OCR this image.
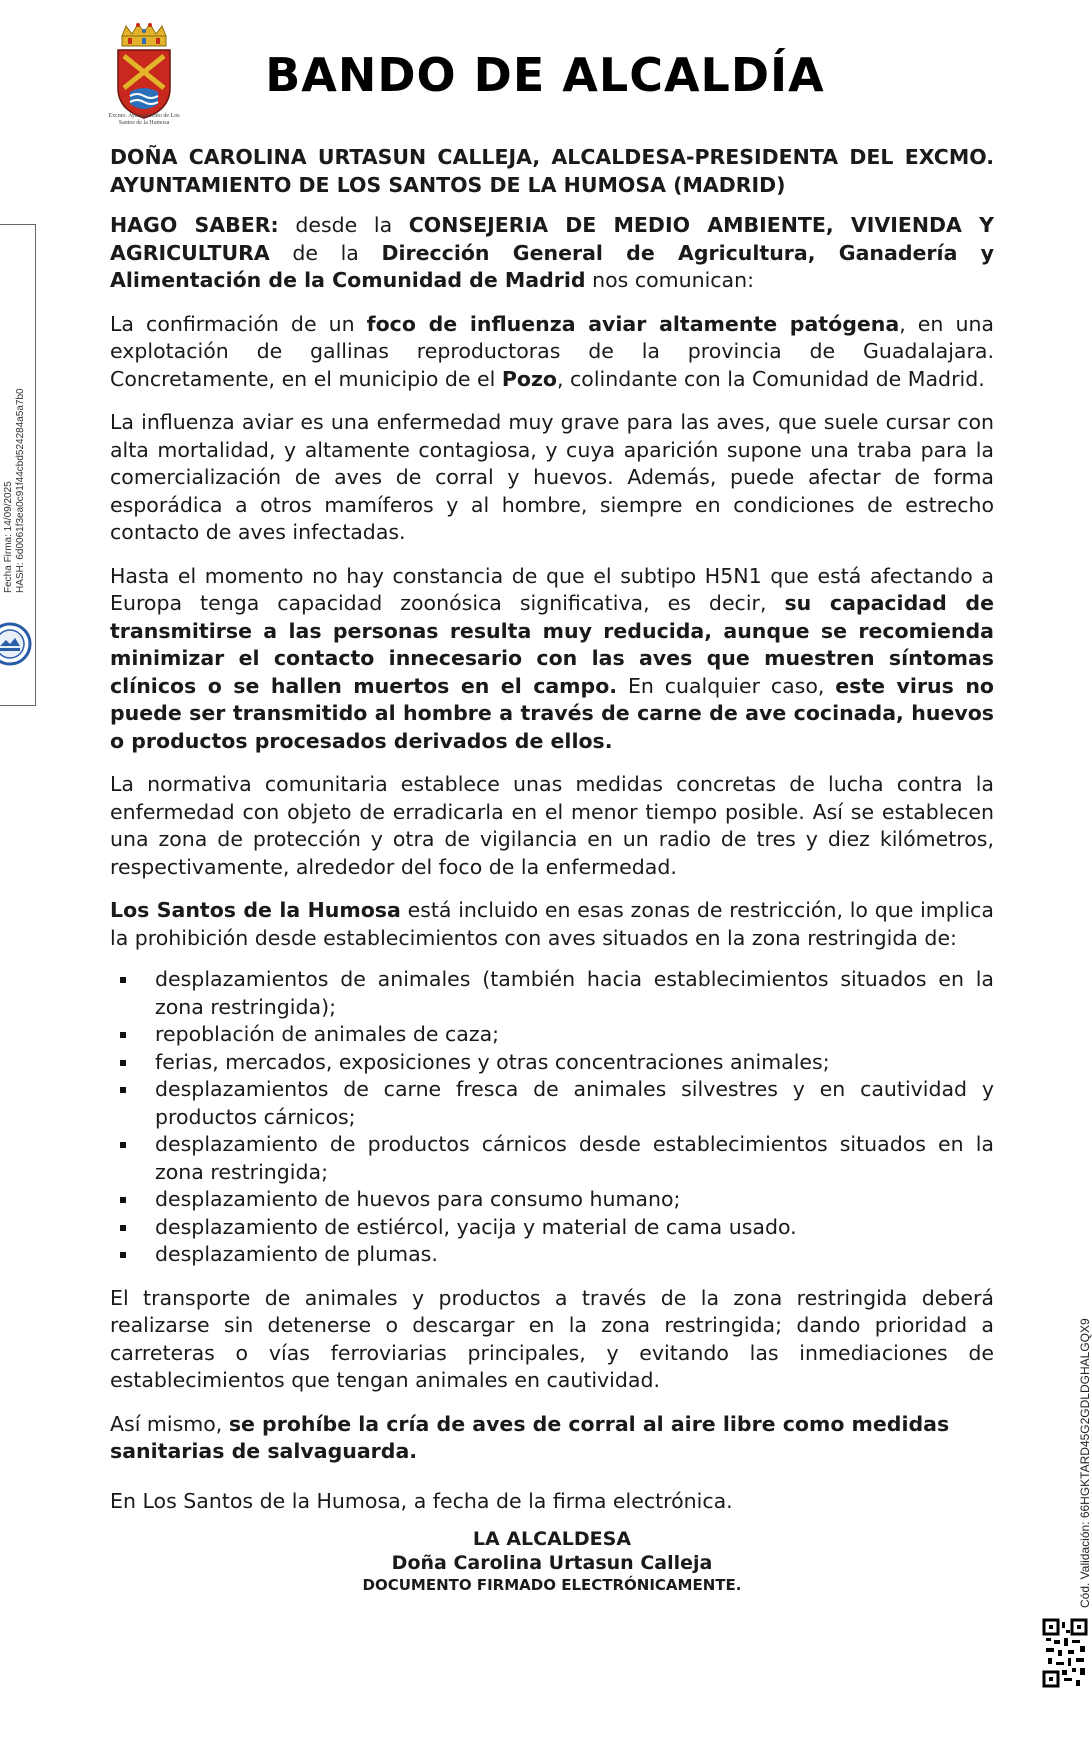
Fecha Firma: 14/09/2025 HASH: 6d0061f3ea0c91f44cbd524284a5a7b0
Cód. Validación: 66HGKTARD45G2GDLDGHALGQX9
Excmo. Ayuntamiento de Los Santos de la Humosa
BANDO DE ALCALDÍA

DOÑA CAROLINA URTASUN CALLEJA, ALCALDESA-PRESIDENTA DEL EXCMO. AYUNTAMIENTO DE LOS SANTOS DE LA HUMOSA (MADRID)

HAGO SABER: desde la CONSEJERIA DE MEDIO AMBIENTE, VIVIENDA Y AGRICULTURA de la Dirección General de Agricultura, Ganadería y Alimentación de la Comunidad de Madrid nos comunican:

La confirmación de un foco de influenza aviar altamente patógena, en una explotación de gallinas reproductoras de la provincia de Guadalajara. Concretamente, en el municipio de el Pozo, colindante con la Comunidad de Madrid.

La influenza aviar es una enfermedad muy grave para las aves, que suele cursar con alta mortalidad, y altamente contagiosa, y cuya aparición supone una traba para la comercialización de aves de corral y huevos. Además, puede afectar de forma esporádica a otros mamíferos y al hombre, siempre en condiciones de estrecho contacto de aves infectadas.

Hasta el momento no hay constancia de que el subtipo H5N1 que está afectando a Europa tenga capacidad zoonósica significativa, es decir, su capacidad de transmitirse a las personas resulta muy reducida, aunque se recomienda minimizar el contacto innecesario con las aves que muestren síntomas clínicos o se hallen muertos en el campo. En cualquier caso, este virus no puede ser transmitido al hombre a través de carne de ave cocinada, huevos o productos procesados derivados de ellos.

La normativa comunitaria establece unas medidas concretas de lucha contra la enfermedad con objeto de erradicarla en el menor tiempo posible. Así se establecen una zona de protección y otra de vigilancia en un radio de tres y diez kilómetros, respectivamente, alrededor del foco de la enfermedad.

Los Santos de la Humosa está incluido en esas zonas de restricción, lo que implica la prohibición desde establecimientos con aves situados en la zona restringida de:

desplazamientos de animales (también hacia establecimientos situados en la zona restringida);
repoblación de animales de caza;
ferias, mercados, exposiciones y otras concentraciones animales;
desplazamientos de carne fresca de animales silvestres y en cautividad y productos cárnicos;
desplazamiento de productos cárnicos desde establecimientos situados en la zona restringida;
desplazamiento de huevos para consumo humano;
desplazamiento de estiércol, yacija y material de cama usado.
desplazamiento de plumas.

El transporte de animales y productos a través de la zona restringida deberá realizarse sin detenerse o descargar en la zona restringida; dando prioridad a carreteras o vías ferroviarias principales, y evitando las inmediaciones de establecimientos que tengan animales en cautividad.

Así mismo, se prohíbe la cría de aves de corral al aire libre como medidas sanitarias de salvaguarda.

En Los Santos de la Humosa, a fecha de la firma electrónica.

LA ALCALDESA
Doña Carolina Urtasun Calleja
DOCUMENTO FIRMADO ELECTRÓNICAMENTE.
